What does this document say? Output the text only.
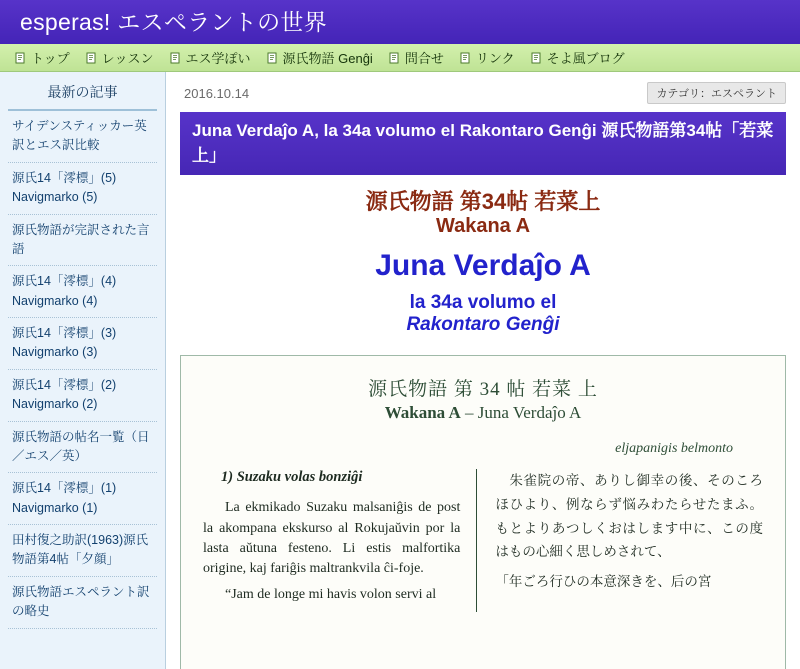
esperas! エスペラントの世界
トップ レッスン エス学ぽい 源氏物語 Genĝi 問合せ リンク そよ風ブログ
最新の記事
サイデンスティッカー英訳とエス訳比較
源氏14「澪標」(5)　Navigmarko (5)
源氏物語が完訳された言語
源氏14「澪標」(4)　Navigmarko (4)
源氏14「澪標」(3)　Navigmarko (3)
源氏14「澪標」(2)　Navigmarko (2)
源氏物語の帖名一覧（日／エス／英）
源氏14「澪標」(1)　Navigmarko (1)
田村復之助訳(1963)源氏物語第4帖「夕顔」
源氏物語エスペラント訳の略史
2016.10.14	カテゴリ：エスペラント
Juna Verdaĵo A, la 34a volumo el Rakontaro Genĝi 源氏物語第34帖「若菜上」
源氏物語 第34帖 若菜上
Wakana A
Juna Verdaĵo A
la 34a volumo el
Rakontaro Genĝi
源氏物語 第 34 帖 若菜 上
Wakana A – Juna Verdaĵo A
eljapanigis belmonto
1) Suzaku volas bonziĝi

La ekmikado Suzaku malsaniĝis de post la akompana ekskurso al Rokujaŭvin por la lasta aŭtuna festeno. Li estis malfortika origine, kaj fariĝis maltrankvila ĉi-foje.

“Jam de longe mi havis volon servi al

朱雀院の帝、ありし御幸の後、そのころほひより、例ならず悩みわたらせたまふ。もとよりあつしくおはします中に、この度はもの心細く思しめされて、

「年ごろ行ひの本意深きを、后の宮
